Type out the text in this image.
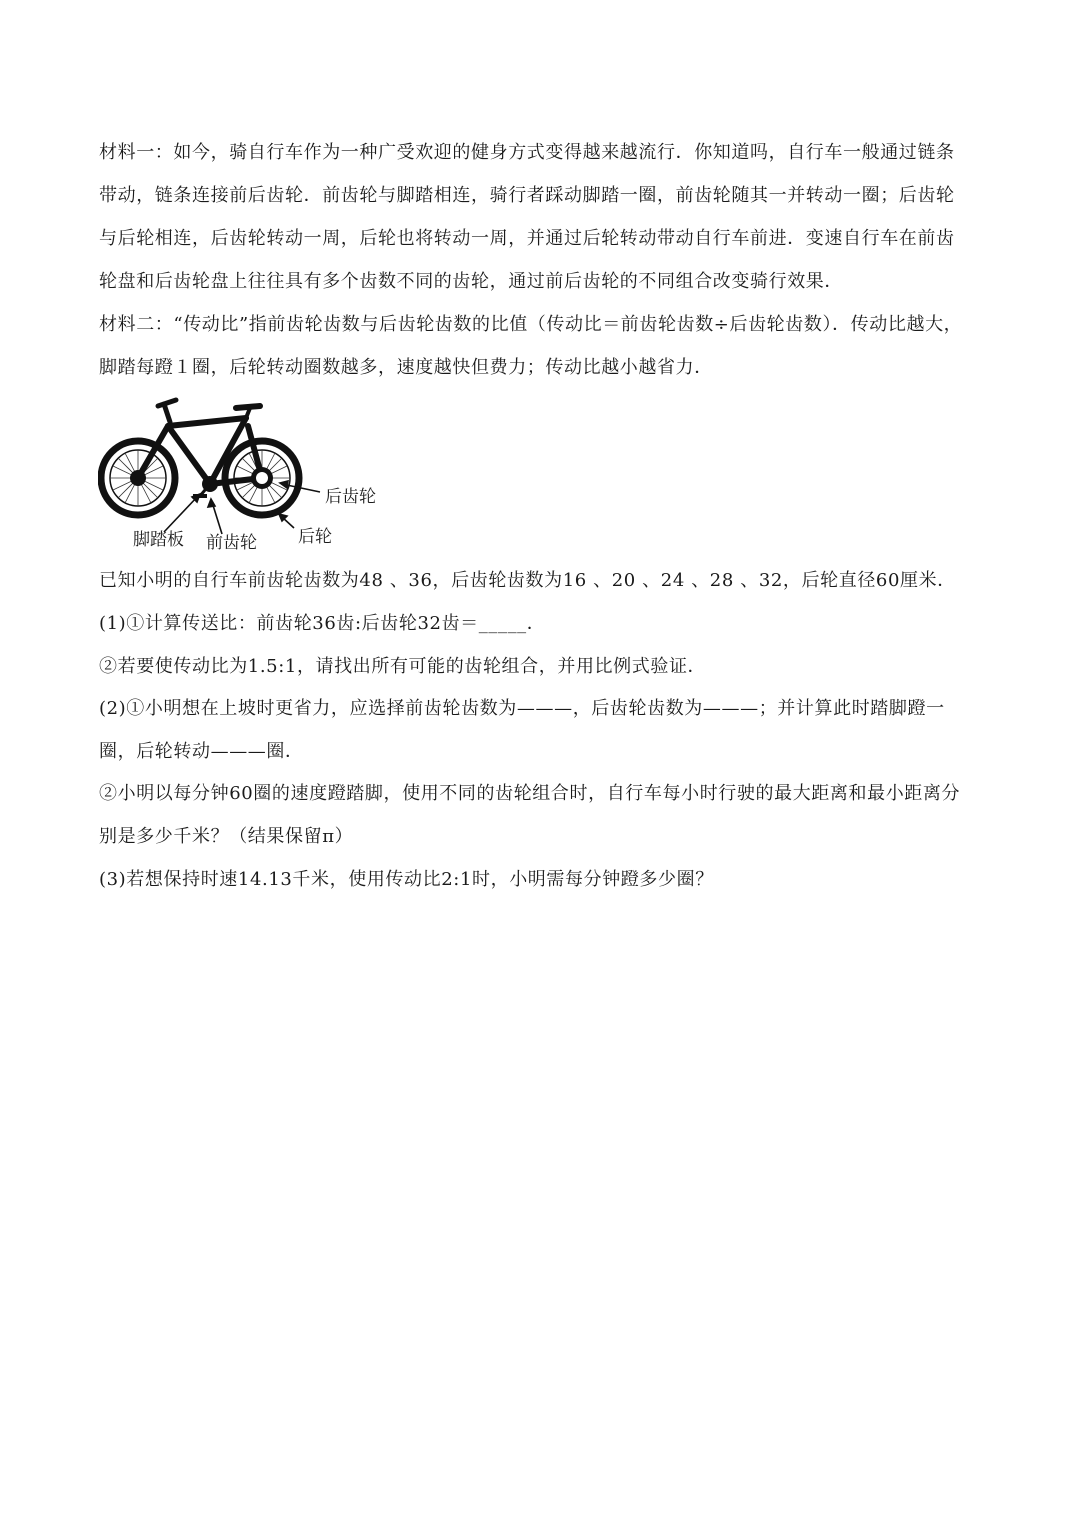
材料一：如今，骑自行车作为一种广受欢迎的健身方式变得越来越流行．你知道吗，自行车一般通过链条
带动，链条连接前后齿轮．前齿轮与脚踏相连，骑行者踩动脚踏一圈，前齿轮随其一并转动一圈；后齿轮
与后轮相连，后齿轮转动一周，后轮也将转动一周，并通过后轮转动带动自行车前进．变速自行车在前齿
轮盘和后齿轮盘上往往具有多个齿数不同的齿轮，通过前后齿轮的不同组合改变骑行效果．
材料二：“传动比”指前齿轮齿数与后齿轮齿数的比值（传动比＝前齿轮齿数÷后齿轮齿数）．传动比越大，
脚踏每蹬１圈，后轮转动圈数越多，速度越快但费力；传动比越小越省力．
后齿轮
脚踏板 前齿轮 后轮
已知小明的自行车前齿轮齿数为48 、36，后齿轮齿数为16 、20 、24 、28 、32，后轮直径60厘米．
(1)①计算传送比：前齿轮36齿:后齿轮32齿＝_____．
②若要使传动比为1.5:1，请找出所有可能的齿轮组合，并用比例式验证．
(2)①小明想在上坡时更省力，应选择前齿轮齿数为———，后齿轮齿数为———；并计算此时踏脚蹬一
圈，后轮转动———圈．
②小明以每分钟60圈的速度蹬踏脚，使用不同的齿轮组合时，自行车每小时行驶的最大距离和最小距离分
别是多少千米？（结果保留π）
(3)若想保持时速14.13千米，使用传动比2:1时，小明需每分钟蹬多少圈？
